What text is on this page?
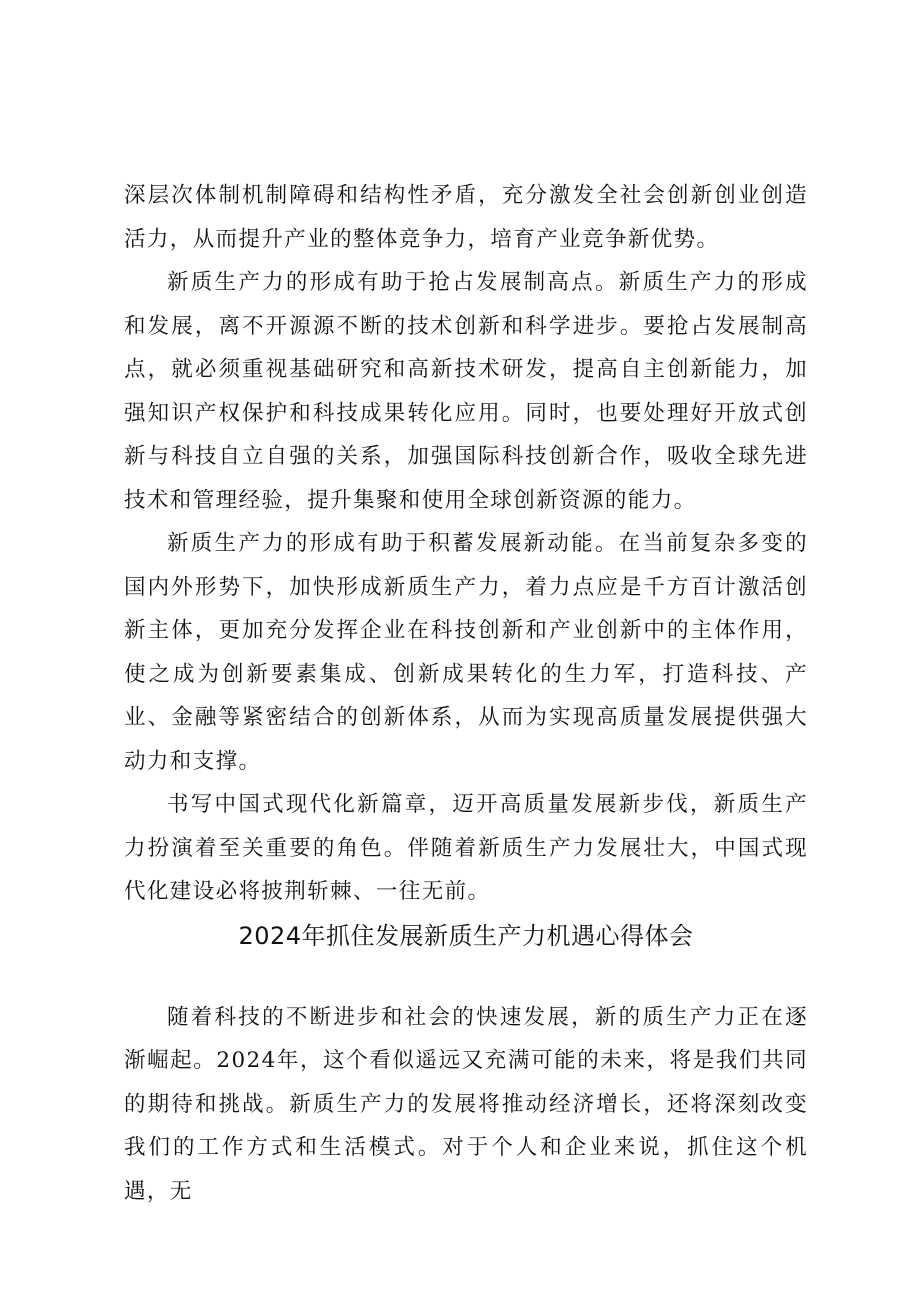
深层次体制机制障碍和结构性矛盾，充分激发全社会创新创业创造活力，从而提升产业的整体竞争力，培育产业竞争新优势。

新质生产力的形成有助于抢占发展制高点。新质生产力的形成和发展，离不开源源不断的技术创新和科学进步。要抢占发展制高点，就必须重视基础研究和高新技术研发，提高自主创新能力，加强知识产权保护和科技成果转化应用。同时，也要处理好开放式创新与科技自立自强的关系，加强国际科技创新合作，吸收全球先进技术和管理经验，提升集聚和使用全球创新资源的能力。

新质生产力的形成有助于积蓄发展新动能。在当前复杂多变的国内外形势下，加快形成新质生产力，着力点应是千方百计激活创新主体，更加充分发挥企业在科技创新和产业创新中的主体作用，使之成为创新要素集成、创新成果转化的生力军，打造科技、产业、金融等紧密结合的创新体系，从而为实现高质量发展提供强大动力和支撑。

书写中国式现代化新篇章，迈开高质量发展新步伐，新质生产力扮演着至关重要的角色。伴随着新质生产力发展壮大，中国式现代化建设必将披荆斩棘、一往无前。

2024年抓住发展新质生产力机遇心得体会

随着科技的不断进步和社会的快速发展，新的质生产力正在逐渐崛起。2024年，这个看似遥远又充满可能的未来，将是我们共同的期待和挑战。新质生产力的发展将推动经济增长，还将深刻改变我们的工作方式和生活模式。对于个人和企业来说，抓住这个机遇，无
